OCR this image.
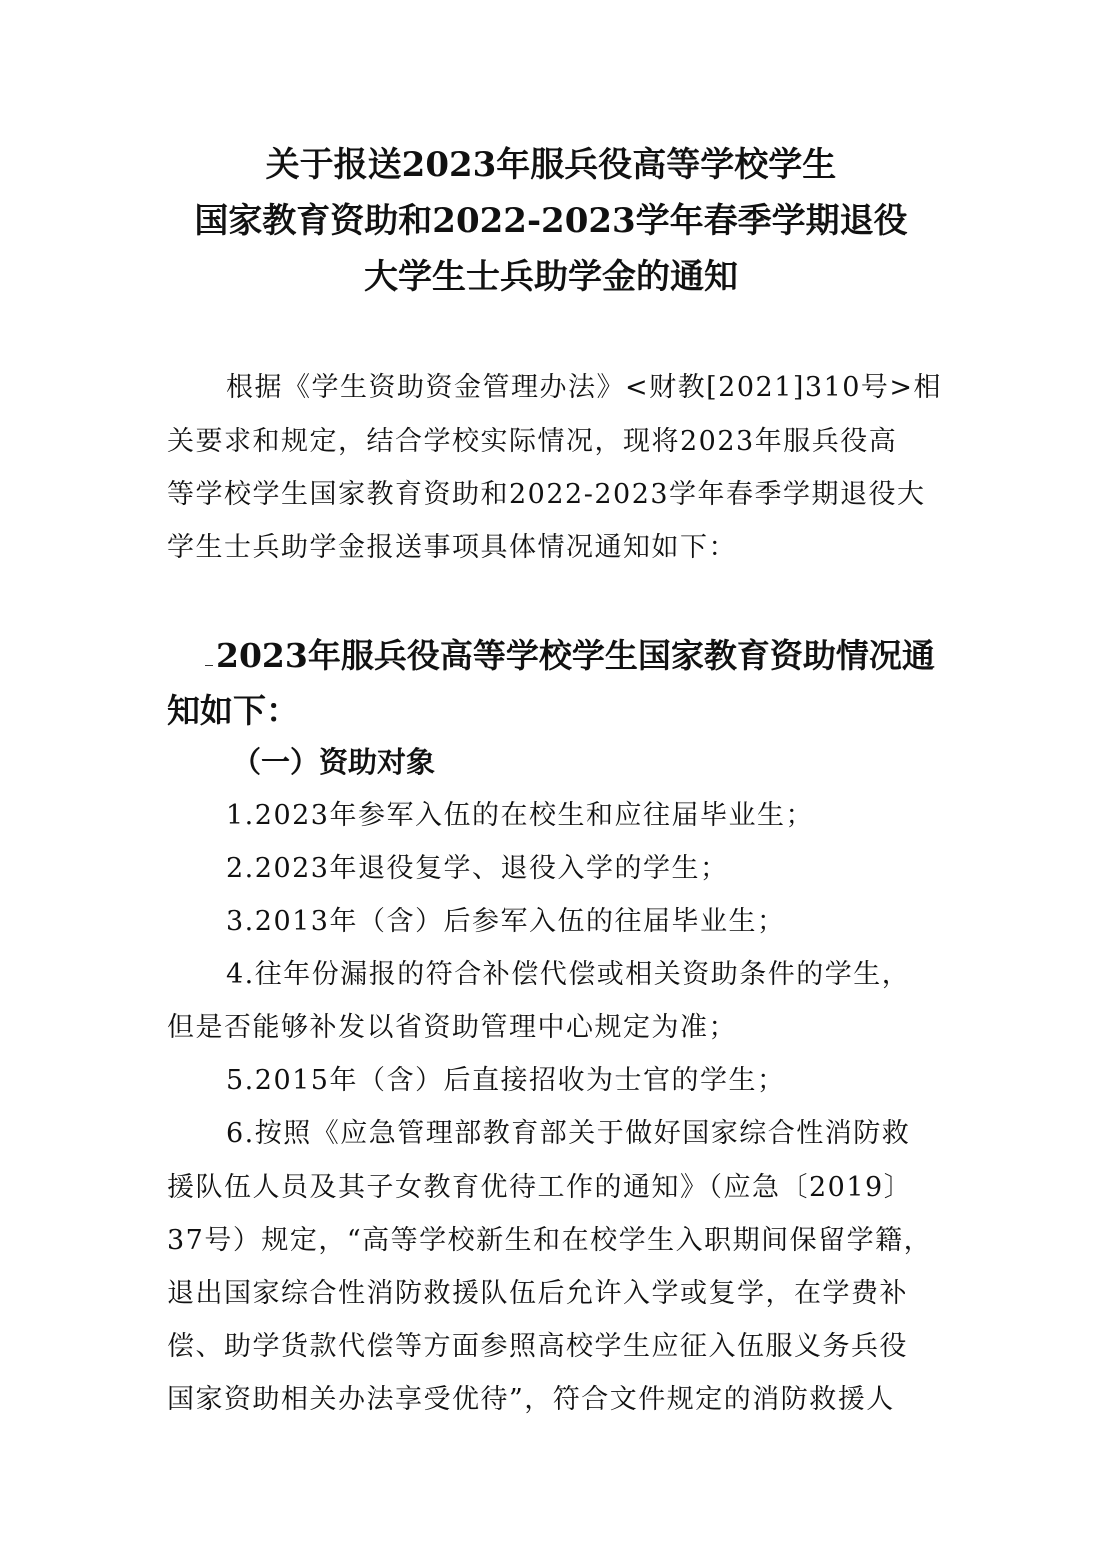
关于报送2023年服兵役高等学校学生
国家教育资助和2022-2023学年春季学期退役
大学生士兵助学金的通知
根据《学生资助资金管理办法》<财教[2021]310号>相
关要求和规定，结合学校实际情况，现将2023年服兵役高
等学校学生国家教育资助和2022-2023学年春季学期退役大
学生士兵助学金报送事项具体情况通知如下：
2023年服兵役高等学校学生国家教育资助情况通
知如下：
（一）资助对象
1.2023年参军入伍的在校生和应往届毕业生；
2.2023年退役复学、退役入学的学生；
3.2013年（含）后参军入伍的往届毕业生；
4.往年份漏报的符合补偿代偿或相关资助条件的学生，
但是否能够补发以省资助管理中心规定为准；
5.2015年（含）后直接招收为士官的学生；
6.按照《应急管理部教育部关于做好国家综合性消防救
援队伍人员及其子女教育优待工作的通知》（应急〔2019〕
37号）规定，“高等学校新生和在校学生入职期间保留学籍，
退出国家综合性消防救援队伍后允许入学或复学，在学费补
偿、助学货款代偿等方面参照高校学生应征入伍服义务兵役
国家资助相关办法享受优待”，符合文件规定的消防救援人
